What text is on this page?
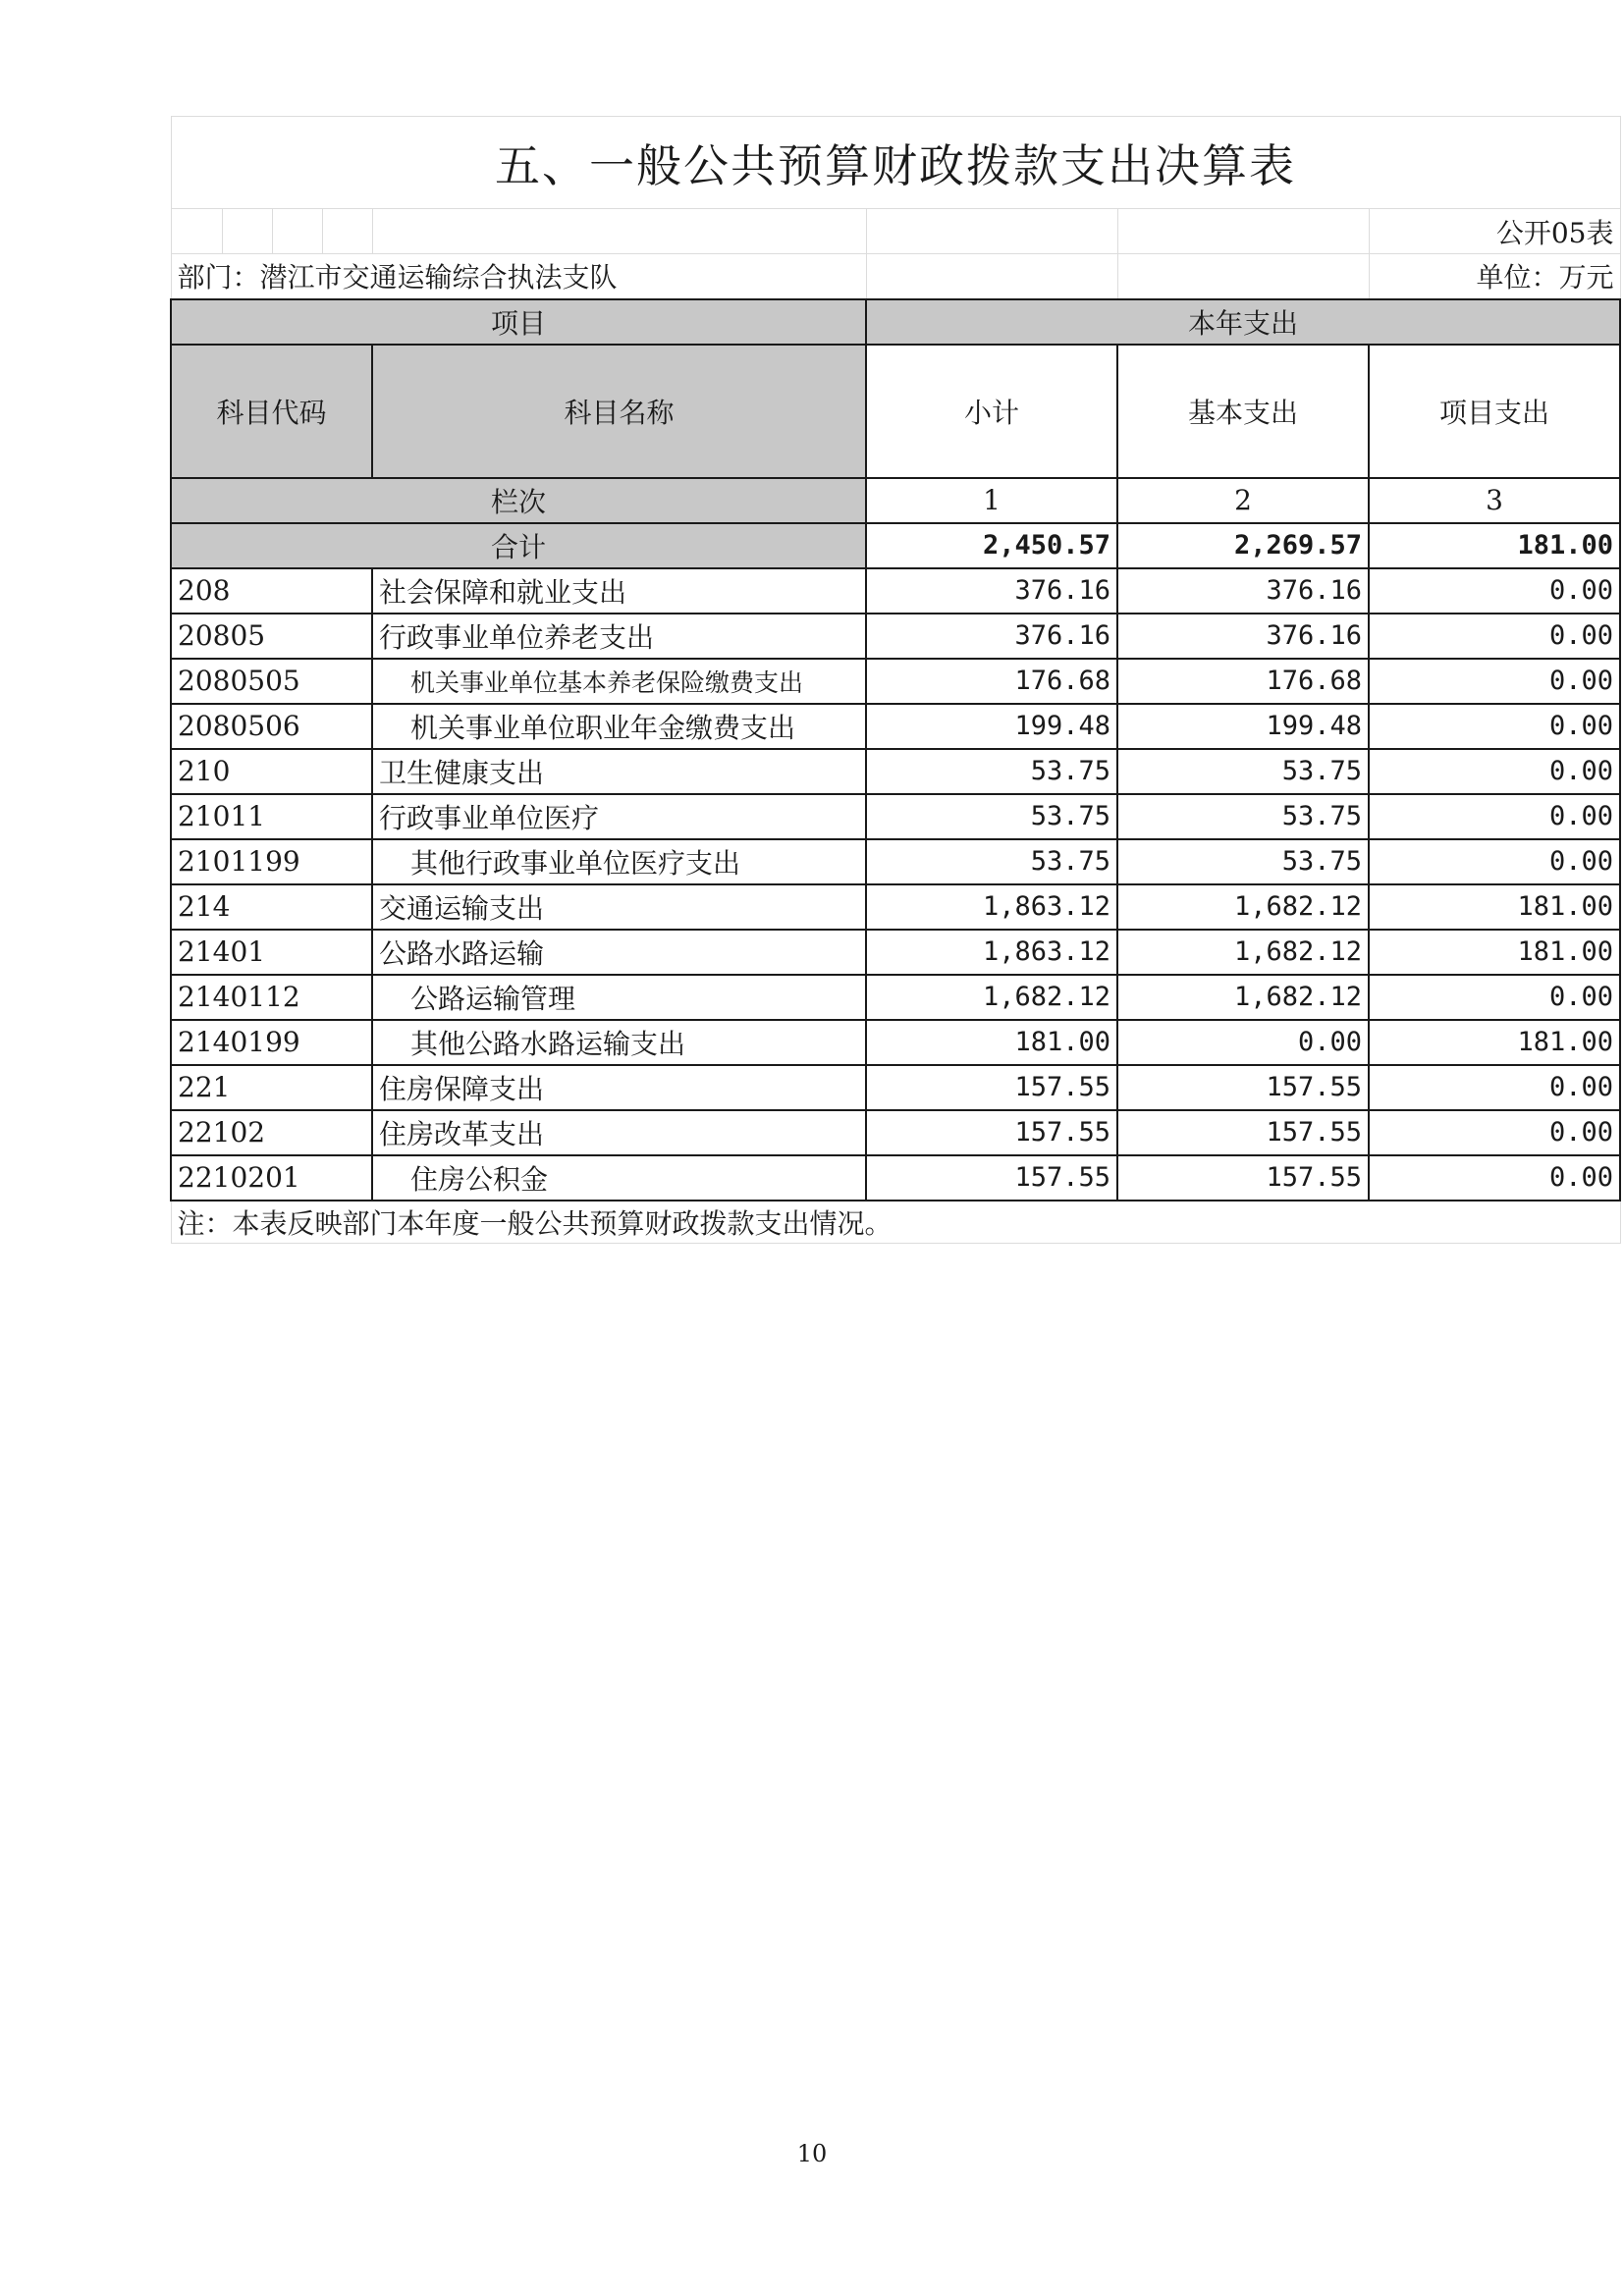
五、一般公共预算财政拨款支出决算表							
							公开05表
部门：潜江市交通运输综合执法支队							单位：万元
项目					本年支出		
科目代码				科目名称	小计	基本支出	项目支出
栏次					1	2	3
合计					2,450.57	2,269.57	181.00
208				社会保障和就业支出	376.16	376.16	0.00
20805				行政事业单位养老支出	376.16	376.16	0.00
2080505				机关事业单位基本养老保险缴费支出	176.68	176.68	0.00
2080506				机关事业单位职业年金缴费支出	199.48	199.48	0.00
210				卫生健康支出	53.75	53.75	0.00
21011				行政事业单位医疗	53.75	53.75	0.00
2101199				其他行政事业单位医疗支出	53.75	53.75	0.00
214				交通运输支出	1,863.12	1,682.12	181.00
21401				公路水路运输	1,863.12	1,682.12	181.00
2140112				公路运输管理	1,682.12	1,682.12	0.00
2140199				其他公路水路运输支出	181.00	0.00	181.00
221				住房保障支出	157.55	157.55	0.00
22102				住房改革支出	157.55	157.55	0.00
2210201				住房公积金	157.55	157.55	0.00
注：本表反映部门本年度一般公共预算财政拨款支出情况。							
10
